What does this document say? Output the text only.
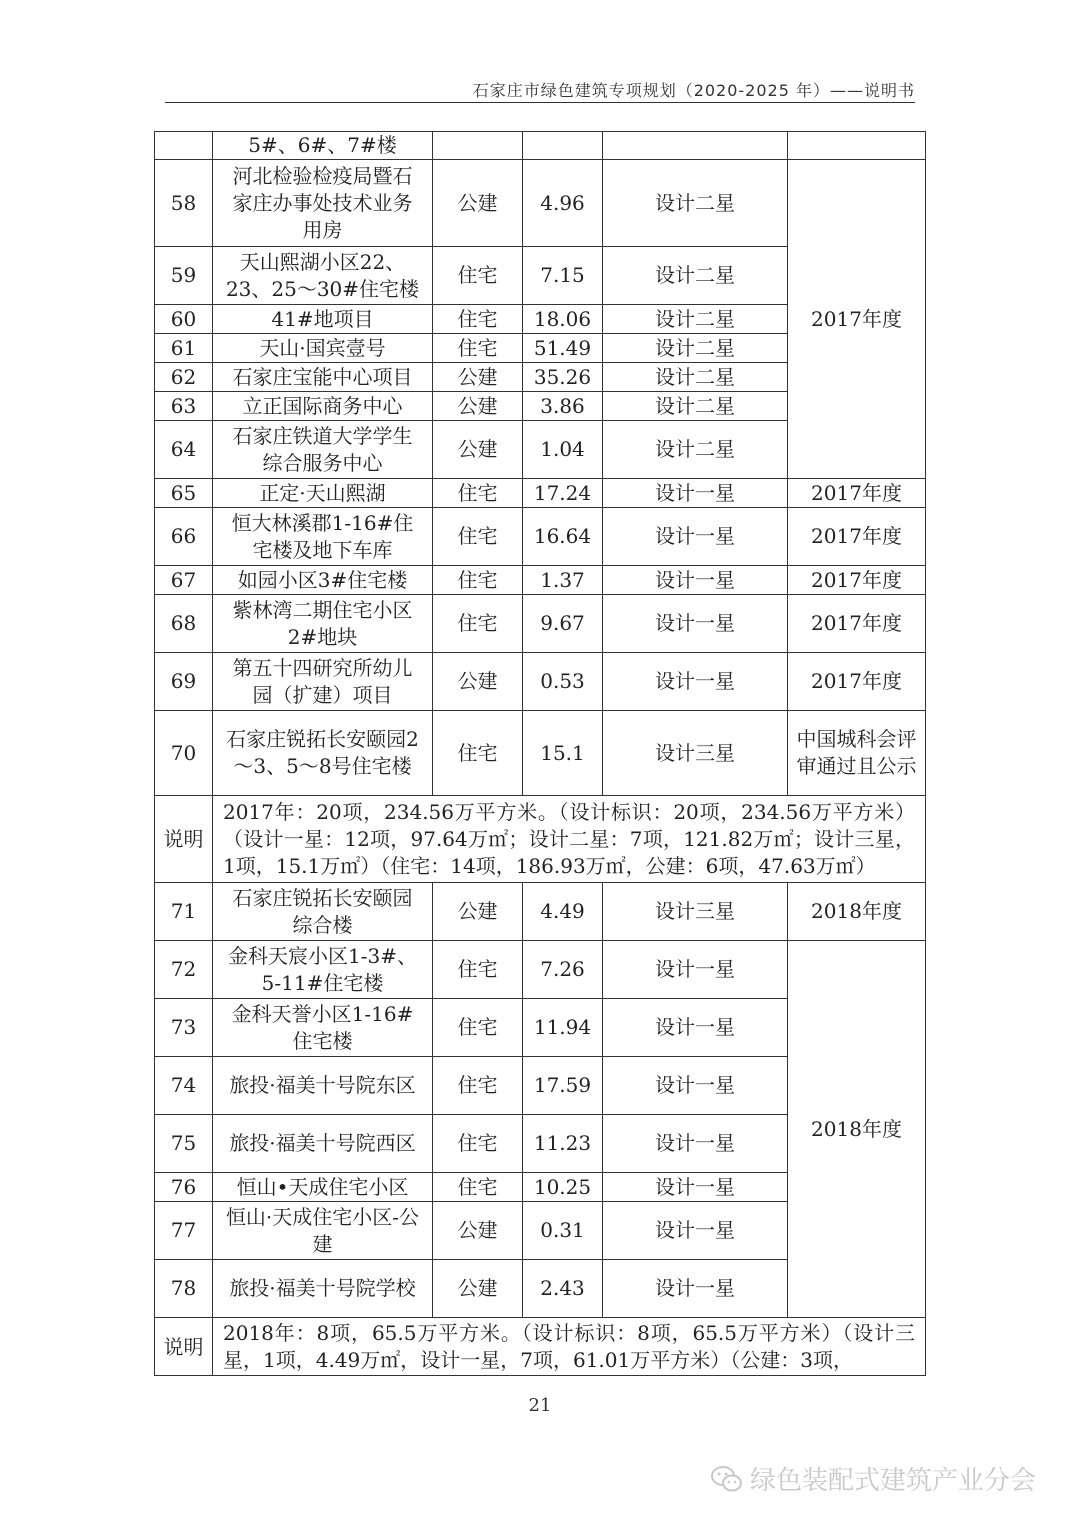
石家庄市绿色建筑专项规划（2020-2025 年）——说明书
	5#、6#、7#楼				
58	河北检验检疫局暨石家庄办事处技术业务用房	公建	4.96	设计二星	2017年度
59	天山熙湖小区22、23、25～30#住宅楼	住宅	7.15	设计二星	
60	41#地项目	住宅	18.06	设计二星	
61	天山·国宾壹号	住宅	51.49	设计二星	
62	石家庄宝能中心项目	公建	35.26	设计二星	
63	立正国际商务中心	公建	3.86	设计二星	
64	石家庄铁道大学学生综合服务中心	公建	1.04	设计二星	
65	正定·天山熙湖	住宅	17.24	设计一星	2017年度
66	恒大林溪郡1-16#住宅楼及地下车库	住宅	16.64	设计一星	2017年度
67	如园小区3#住宅楼	住宅	1.37	设计一星	2017年度
68	紫林湾二期住宅小区2#地块	住宅	9.67	设计一星	2017年度
69	第五十四研究所幼儿园（扩建）项目	公建	0.53	设计一星	2017年度
70	石家庄锐拓长安颐园2～3、5～8号住宅楼	住宅	15.1	设计三星	中国城科会评审通过且公示
说明	2017年：20项，234.56万平方米。（设计标识：20项，234.56万平方米）（设计一星：12项，97.64万㎡；设计二星：7项，121.82万㎡；设计三星，1项，15.1万㎡）（住宅：14项，186.93万㎡，公建：6项，47.63万㎡）				
71	石家庄锐拓长安颐园综合楼	公建	4.49	设计三星	2018年度
72	金科天宸小区1-3#、5-11#住宅楼	住宅	7.26	设计一星	2018年度
73	金科天誉小区1-16#住宅楼	住宅	11.94	设计一星	
74	旅投·福美十号院东区	住宅	17.59	设计一星	
75	旅投·福美十号院西区	住宅	11.23	设计一星	
76	恒山•天成住宅小区	住宅	10.25	设计一星	
77	恒山·天成住宅小区-公建	公建	0.31	设计一星	
78	旅投·福美十号院学校	公建	2.43	设计一星	
说明	2018年：8项，65.5万平方米。（设计标识：8项，65.5万平方米）（设计三星，1项，4.49万㎡，设计一星，7项，61.01万平方米）（公建：3项，				
21
绿色装配式建筑产业分会
